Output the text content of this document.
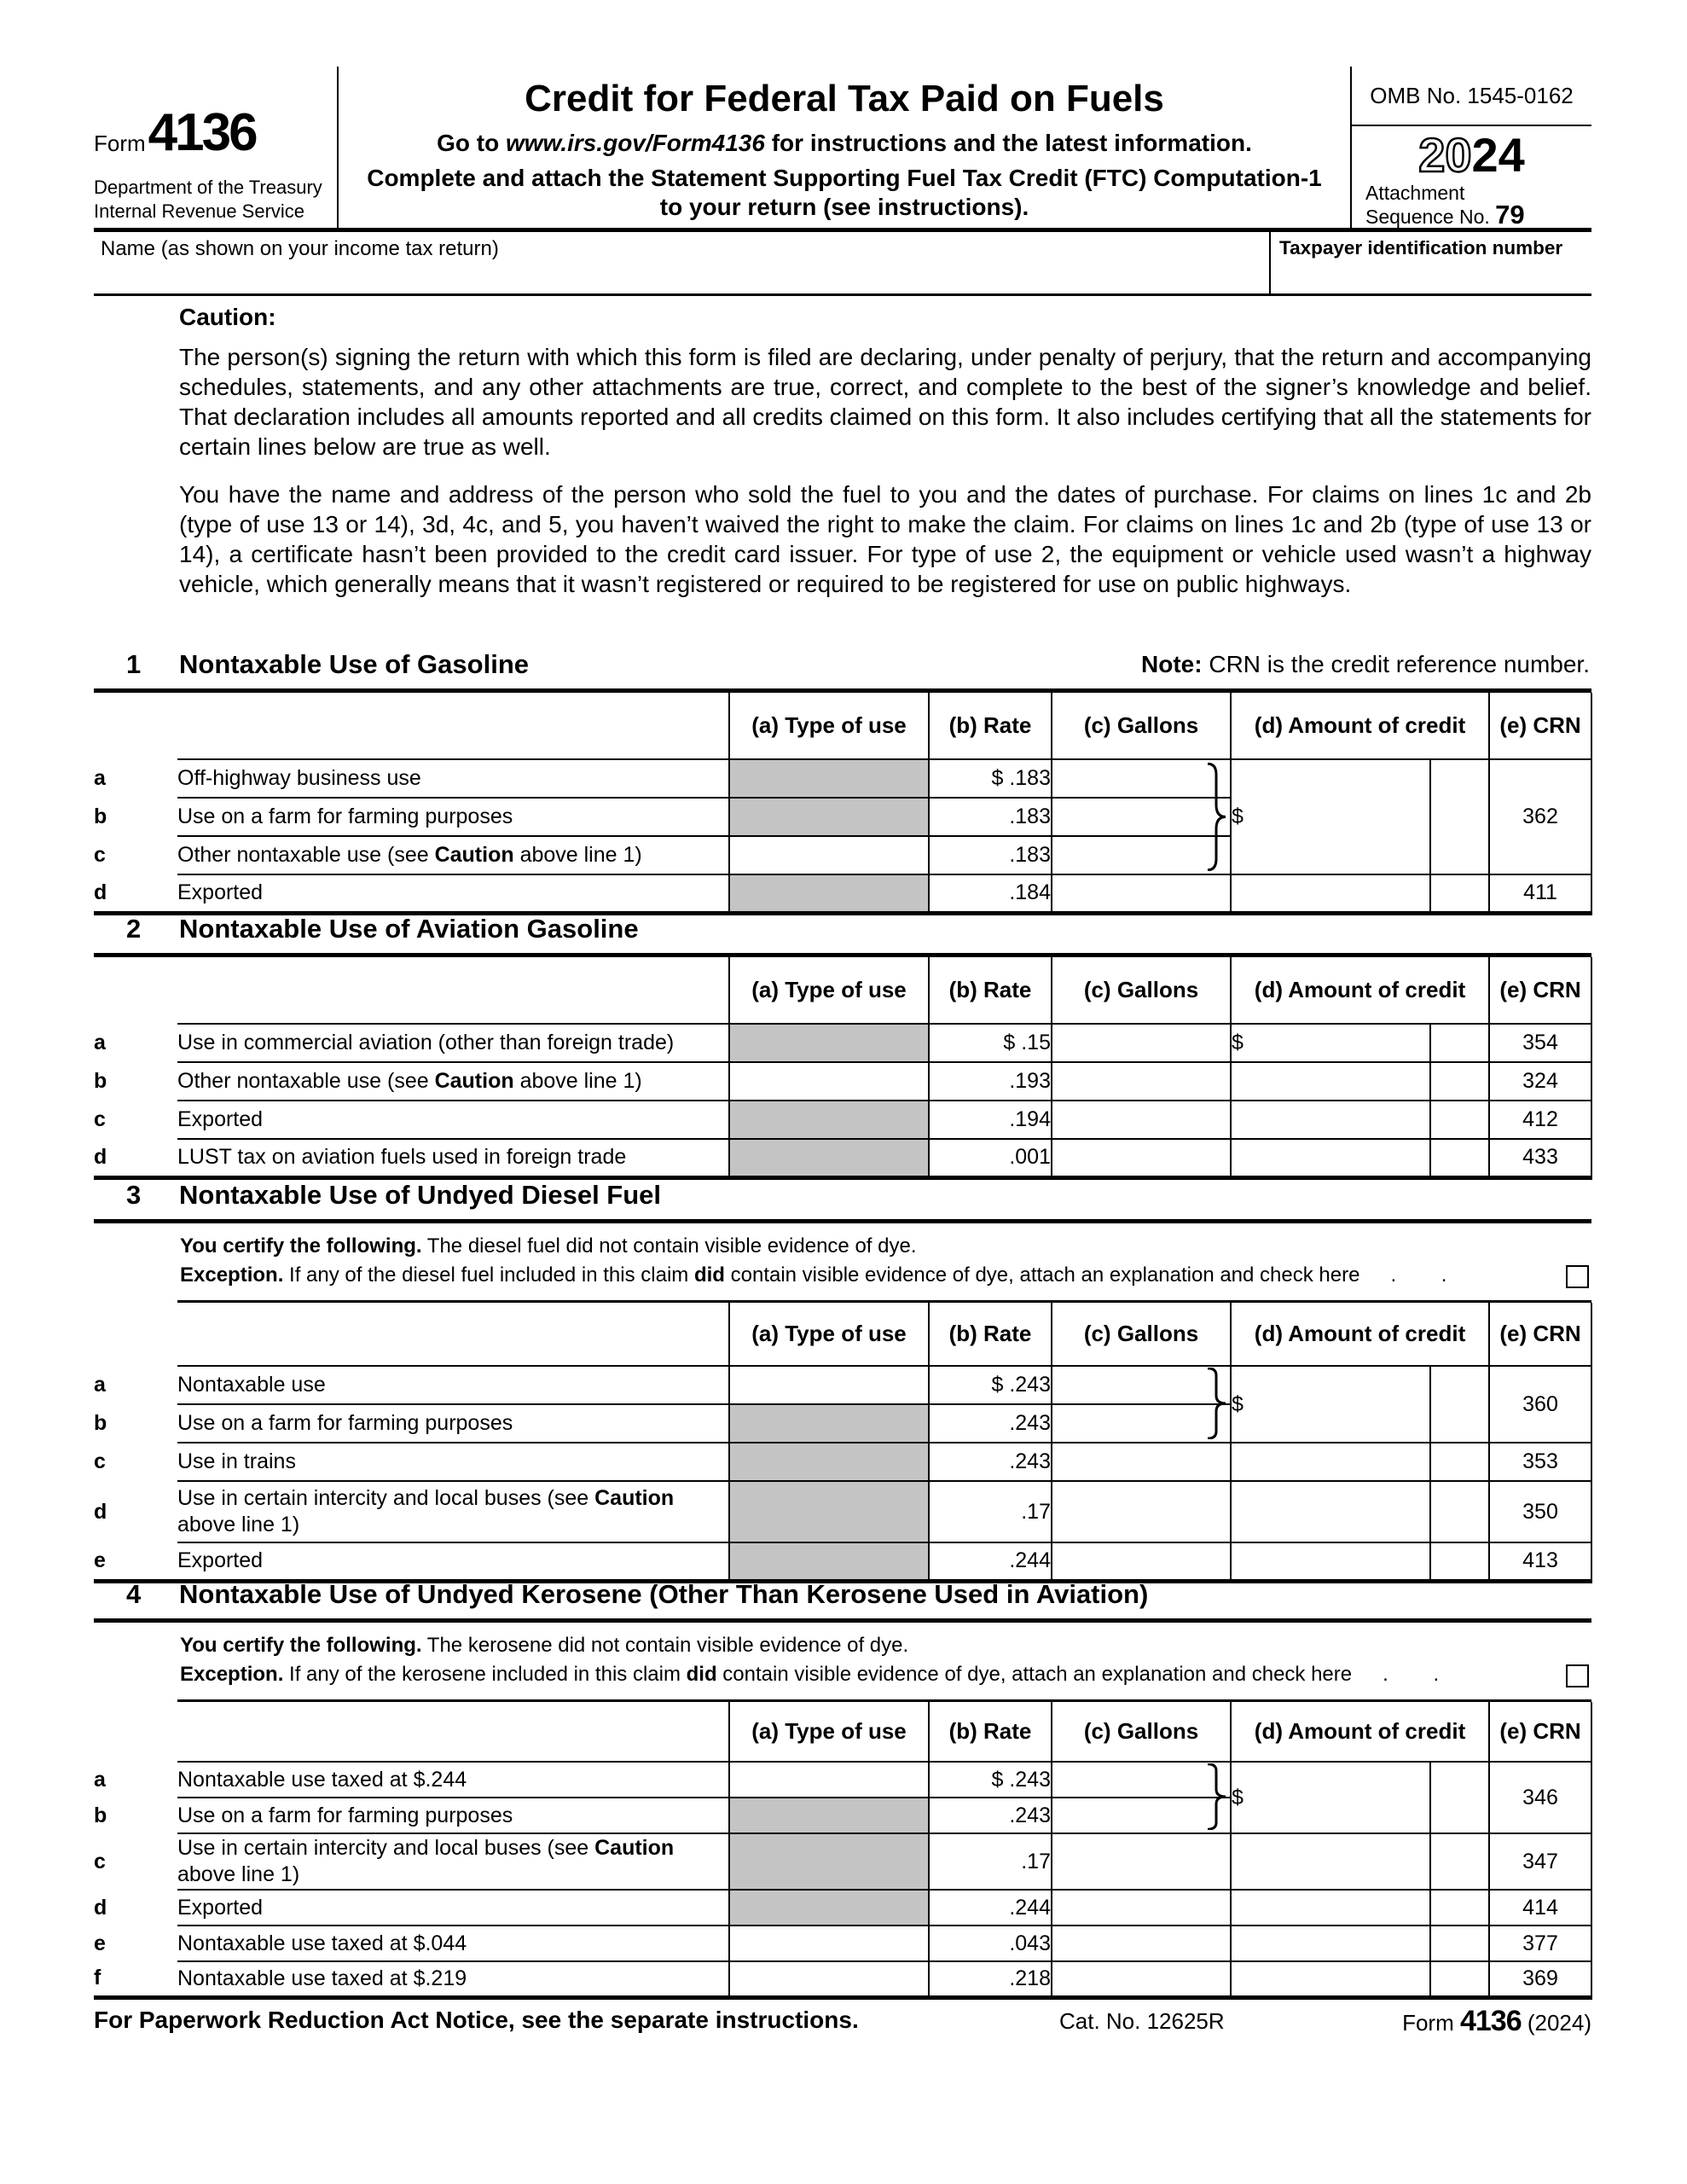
Form 4136
Department of the Treasury
Internal Revenue Service
Credit for Federal Tax Paid on Fuels
Go to www.irs.gov/Form4136 for instructions and the latest information.
Complete and attach the Statement Supporting Fuel Tax Credit (FTC) Computation-1
to your return (see instructions).
OMB No. 1545-0162
2024
Attachment
Sequence No. 79
Name (as shown on your income tax return)	Taxpayer identification number
Caution:

The person(s) signing the return with which this form is filed are declaring, under penalty of perjury, that the return and accompanying schedules, statements, and any other attachments are true, correct, and complete to the best of the signer’s knowledge and belief. That declaration includes all amounts reported and all credits claimed on this form. It also includes certifying that all the statements for certain lines below are true as well.

You have the name and address of the person who sold the fuel to you and the dates of purchase. For claims on lines 1c and 2b (type of use 13 or 14), 3d, 4c, and 5, you haven’t waived the right to make the claim. For claims on lines 1c and 2b (type of use 13 or 14), a certificate hasn’t been provided to the credit card issuer. For type of use 2, the equipment or vehicle used wasn’t a highway vehicle, which generally means that it wasn’t registered or required to be registered for use on public highways.

1	Nontaxable Use of Gasoline	Note: CRN is the credit reference number.
		(a) Type of use	(b) Rate	(c) Gallons	(d) Amount of credit		(e) CRN
a	Off-highway business use		$ .183		$		362
b	Use on a farm for farming purposes		.183				
c	Other nontaxable use (see Caution above line 1)		.183				
d	Exported		.184				411
2	Nontaxable Use of Aviation Gasoline
		(a) Type of use	(b) Rate	(c) Gallons	(d) Amount of credit		(e) CRN
a	Use in commercial aviation (other than foreign trade)		$ .15		$		354
b	Other nontaxable use (see Caution above line 1)		.193				324
c	Exported		.194				412
d	LUST tax on aviation fuels used in foreign trade		.001				433
3	Nontaxable Use of Undyed Diesel Fuel
You certify the following. The diesel fuel did not contain visible evidence of dye.
Exception. If any of the diesel fuel included in this claim did contain visible evidence of dye, attach an explanation and check here . .
		(a) Type of use	(b) Rate	(c) Gallons	(d) Amount of credit		(e) CRN
a	Nontaxable use		$ .243		$		360
b	Use on a farm for farming purposes		.243				
c	Use in trains		.243				353
d	Use in certain intercity and local buses (see Caution above line 1)		.17				350
e	Exported		.244				413
4	Nontaxable Use of Undyed Kerosene (Other Than Kerosene Used in Aviation)
You certify the following. The kerosene did not contain visible evidence of dye.
Exception. If any of the kerosene included in this claim did contain visible evidence of dye, attach an explanation and check here . .
		(a) Type of use	(b) Rate	(c) Gallons	(d) Amount of credit		(e) CRN
a	Nontaxable use taxed at $.244		$ .243		$		346
b	Use on a farm for farming purposes		.243				
c	Use in certain intercity and local buses (see Caution above line 1)		.17				347
d	Exported		.244				414
e	Nontaxable use taxed at $.044		.043				377
f	Nontaxable use taxed at $.219		.218				369
For Paperwork Reduction Act Notice, see the separate instructions.	Cat. No. 12625R	Form 4136 (2024)
